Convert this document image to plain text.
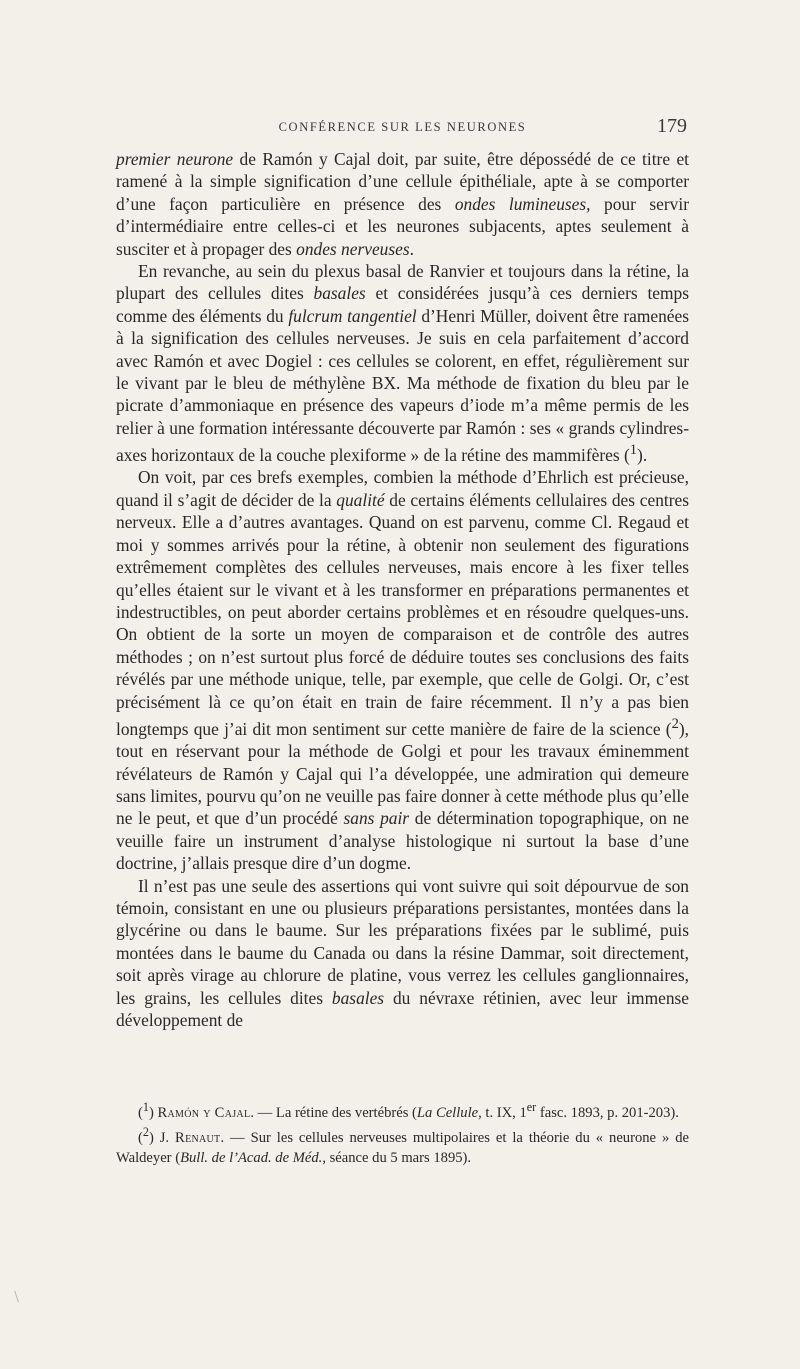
CONFÉRENCE SUR LES NEURONES	179

premier neurone de Ramón y Cajal doit, par suite, être dépossédé de ce titre et ramené à la simple signification d’une cellule épithéliale, apte à se comporter d’une façon particulière en présence des ondes lumineuses, pour servir d’intermédiaire entre celles-ci et les neurones subjacents, aptes seulement à susciter et à propager des ondes nerveuses.

En revanche, au sein du plexus basal de Ranvier et toujours dans la rétine, la plupart des cellules dites basales et considérées jusqu’à ces derniers temps comme des éléments du fulcrum tangentiel d’Henri Müller, doivent être ramenées à la signification des cellules nerveuses. Je suis en cela parfaitement d’accord avec Ramón et avec Dogiel : ces cellules se colorent, en effet, régulièrement sur le vivant par le bleu de méthylène BX. Ma méthode de fixation du bleu par le picrate d’ammoniaque en présence des vapeurs d’iode m’a même permis de les relier à une formation intéressante découverte par Ramón : ses « grands cylindres-axes horizontaux de la couche plexiforme » de la rétine des mammifères ($^1$).

On voit, par ces brefs exemples, combien la méthode d’Ehrlich est précieuse, quand il s’agit de décider de la qualité de certains éléments cellulaires des centres nerveux. Elle a d’autres avantages. Quand on est parvenu, comme Cl. Regaud et moi y sommes arrivés pour la rétine, à obtenir non seulement des figurations extrêmement complètes des cellules nerveuses, mais encore à les fixer telles qu’elles étaient sur le vivant et à les transformer en préparations permanentes et indestructibles, on peut aborder certains problèmes et en résoudre quelques-uns. On obtient de la sorte un moyen de comparaison et de contrôle des autres méthodes ; on n’est surtout plus forcé de déduire toutes ses conclusions des faits révélés par une méthode unique, telle, par exemple, que celle de Golgi. Or, c’est précisément là ce qu’on était en train de faire récemment. Il n’y a pas bien longtemps que j’ai dit mon sentiment sur cette manière de faire de la science ($^2$), tout en réservant pour la méthode de Golgi et pour les travaux éminemment révélateurs de Ramón y Cajal qui l’a développée, une admiration qui demeure sans limites, pourvu qu’on ne veuille pas faire donner à cette méthode plus qu’elle ne le peut, et que d’un procédé sans pair de détermination topographique, on ne veuille faire un instrument d’analyse histologique ni surtout la base d’une doctrine, j’allais presque dire d’un dogme.

Il n’est pas une seule des assertions qui vont suivre qui soit dépourvue de son témoin, consistant en une ou plusieurs préparations persistantes, montées dans la glycérine ou dans le baume. Sur les préparations fixées par le sublimé, puis montées dans le baume du Canada ou dans la résine Dammar, soit directement, soit après virage au chlorure de platine, vous verrez les cellules ganglionnaires, les grains, les cellules dites basales du névraxe rétinien, avec leur immense développement de

($^1$) Ramón y Cajal. — La rétine des vertébrés (La Cellule, t. IX, 1er fasc. 1893, p. 201-203).

($^2$) J. Renaut. — Sur les cellules nerveuses multipolaires et la théorie du « neurone » de Waldeyer (Bull. de l’Acad. de Méd., séance du 5 mars 1895).
